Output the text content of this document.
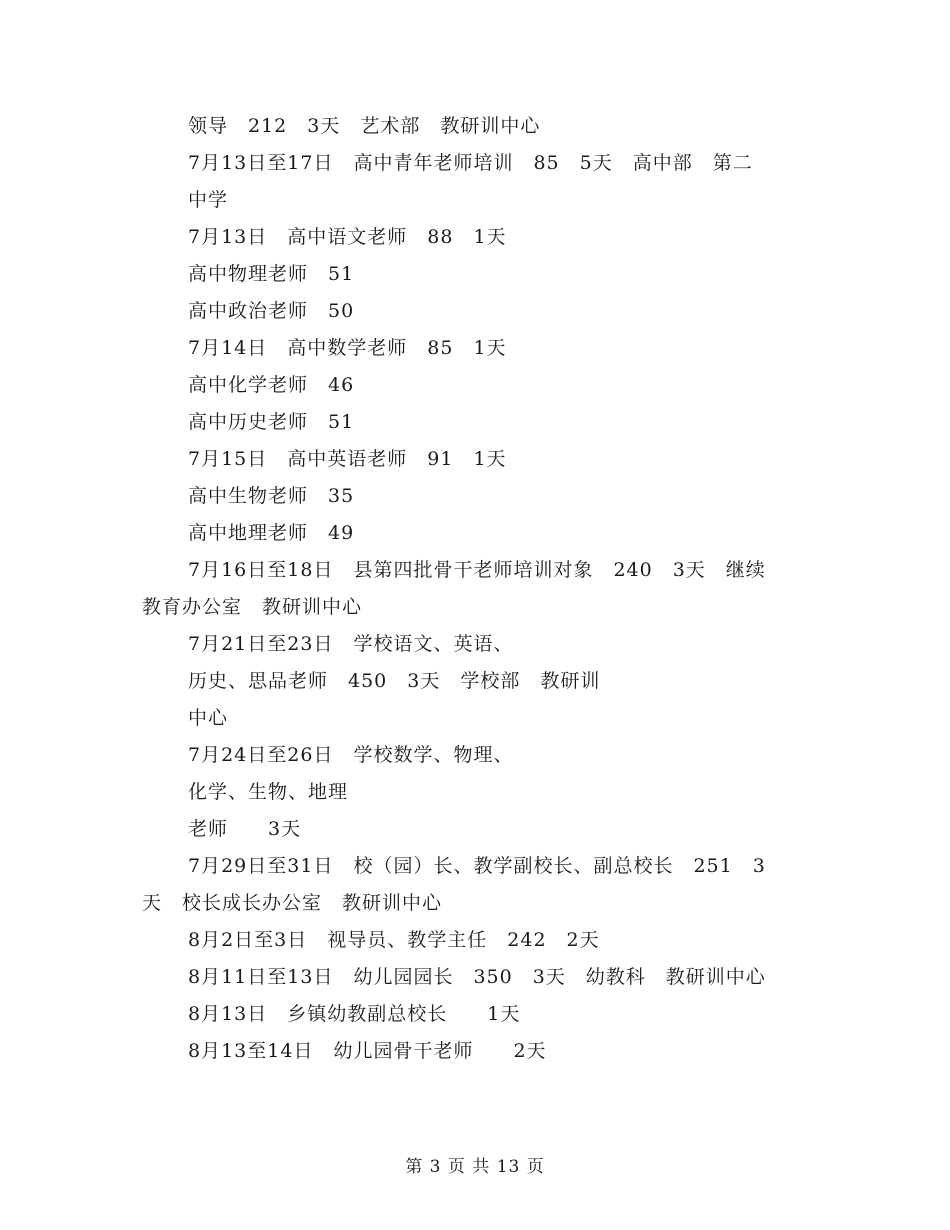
领导　212　3天　艺术部　教研训中心
7月13日至17日　高中青年老师培训　85　5天　高中部　第二
中学
7月13日　高中语文老师　88　1天
高中物理老师　51
高中政治老师　50
7月14日　高中数学老师　85　1天
高中化学老师　46
高中历史老师　51
7月15日　高中英语老师　91　1天
高中生物老师　35
高中地理老师　49
7月16日至18日　县第四批骨干老师培训对象　240　3天　继续
教育办公室　教研训中心
7月21日至23日　学校语文、英语、
历史、思品老师　450　3天　学校部　教研训
中心
7月24日至26日　学校数学、物理、
化学、生物、地理
老师　　3天
7月29日至31日　校（园）长、教学副校长、副总校长　251　3
天　校长成长办公室　教研训中心
8月2日至3日　视导员、教学主任　242　2天
8月11日至13日　幼儿园园长　350　3天　幼教科　教研训中心
8月13日　乡镇幼教副总校长　　1天
8月13至14日　幼儿园骨干老师　　2天
第 3 页 共 13 页
